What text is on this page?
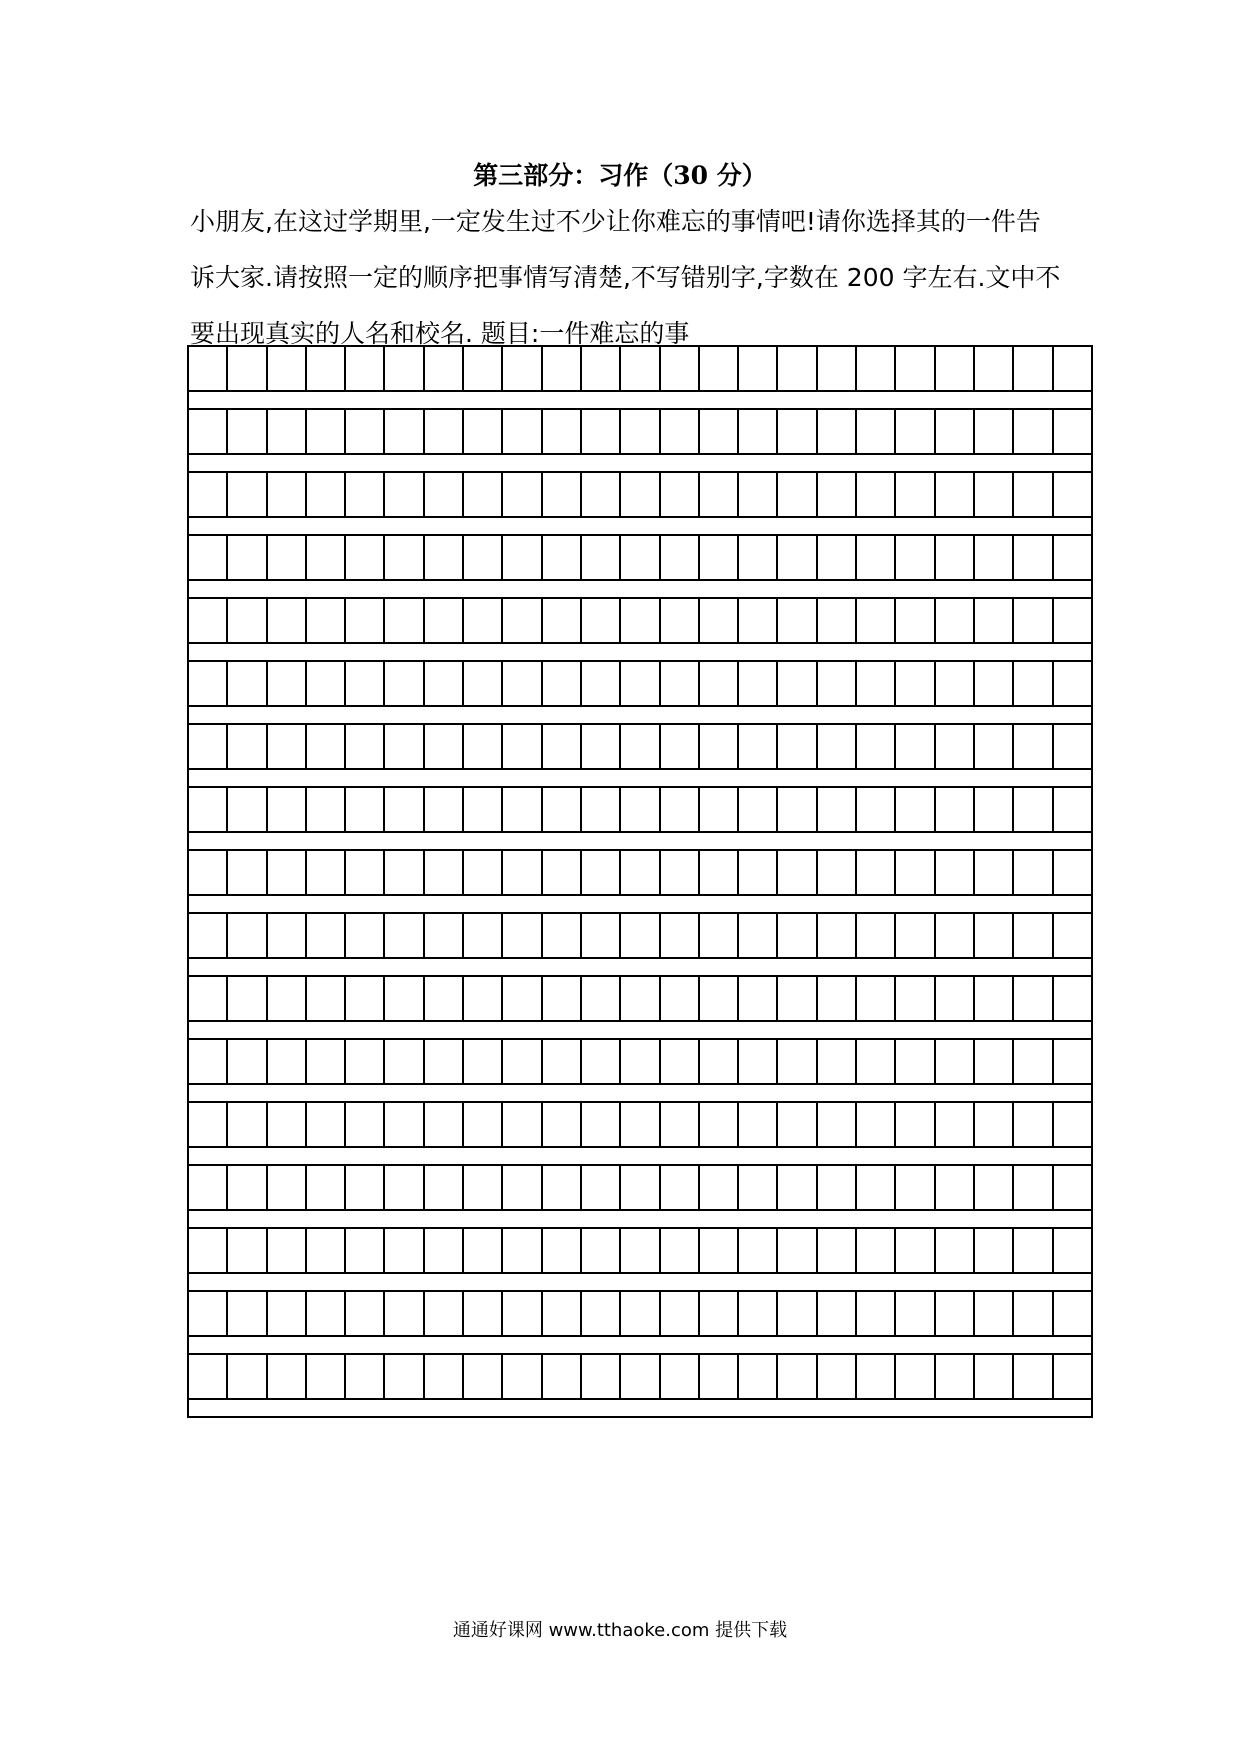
第三部分：习作（30 分）
小朋友,在这过学期里,一定发生过不少让你难忘的事情吧!请你选择其的一件告
诉大家.请按照一定的顺序把事情写清楚,不写错别字,字数在 200 字左右.文中不
要出现真实的人名和校名. 题目:一件难忘的事
通通好课网 www.tthaoke.com 提供下载
